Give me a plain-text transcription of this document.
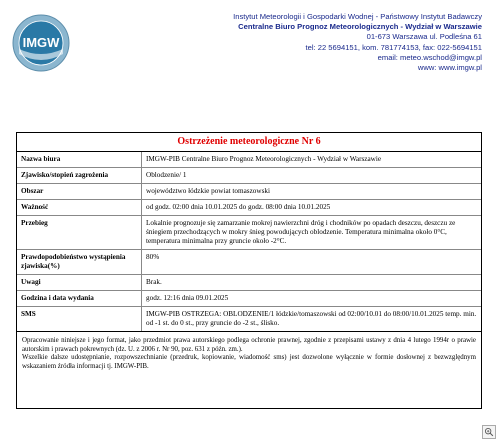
IMGW
Instytut Meteorologii i Gospodarki Wodnej - Państwowy Instytut Badawczy
Centralne Biuro Prognoz Meteorologicznych - Wydział w Warszawie
01-673 Warszawa ul. Podleśna 61
tel: 22 5694151, kom. 781774153, fax: 022-5694151
email: meteo.wschod@imgw.pl
www: www.imgw.pl
Ostrzeżenie meteorologiczne Nr 6
Nazwa biura	IMGW-PIB Centralne Biuro Prognoz Meteorologicznych - Wydział w Warszawie
Zjawisko/stopień zagrożenia	Oblodzenie/ 1
Obszar	województwo łódzkie powiat tomaszowski
Ważność	od godz. 02:00 dnia 10.01.2025 do godz. 08:00 dnia 10.01.2025
Przebieg	Lokalnie prognozuje się zamarzanie mokrej nawierzchni dróg i chodników po opadach deszczu, deszczu ze śniegiem przechodzących w mokry śnieg powodujących oblodzenie. Temperatura minimalna około 0°C, temperatura minimalna przy gruncie około -2°C.
Prawdopodobieństwo wystąpienia zjawiska(%)	80%
Uwagi	Brak.
Godzina i data wydania	godz. 12:16 dnia 09.01.2025
SMS	IMGW-PIB OSTRZEGA: OBLODZENIE/1 łódzkie/tomaszowski od 02:00/10.01 do 08:00/10.01.2025 temp. min. od -1 st. do 0 st., przy gruncie do -2 st., ślisko.

Opracowanie niniejsze i jego format, jako przedmiot prawa autorskiego podlega ochronie prawnej, zgodnie z przepisami ustawy z dnia 4 lutego 1994r o prawie autorskim i prawach pokrewnych (dz. U. z 2006 r. Nr 90, poz. 631 z późn. zm.).

Wszelkie dalsze udostępnianie, rozpowszechnianie (przedruk, kopiowanie, wiadomość sms) jest dozwolone wyłącznie w formie dosłownej z bezwzględnym wskazaniem źródła informacji tj. IMGW-PIB.
